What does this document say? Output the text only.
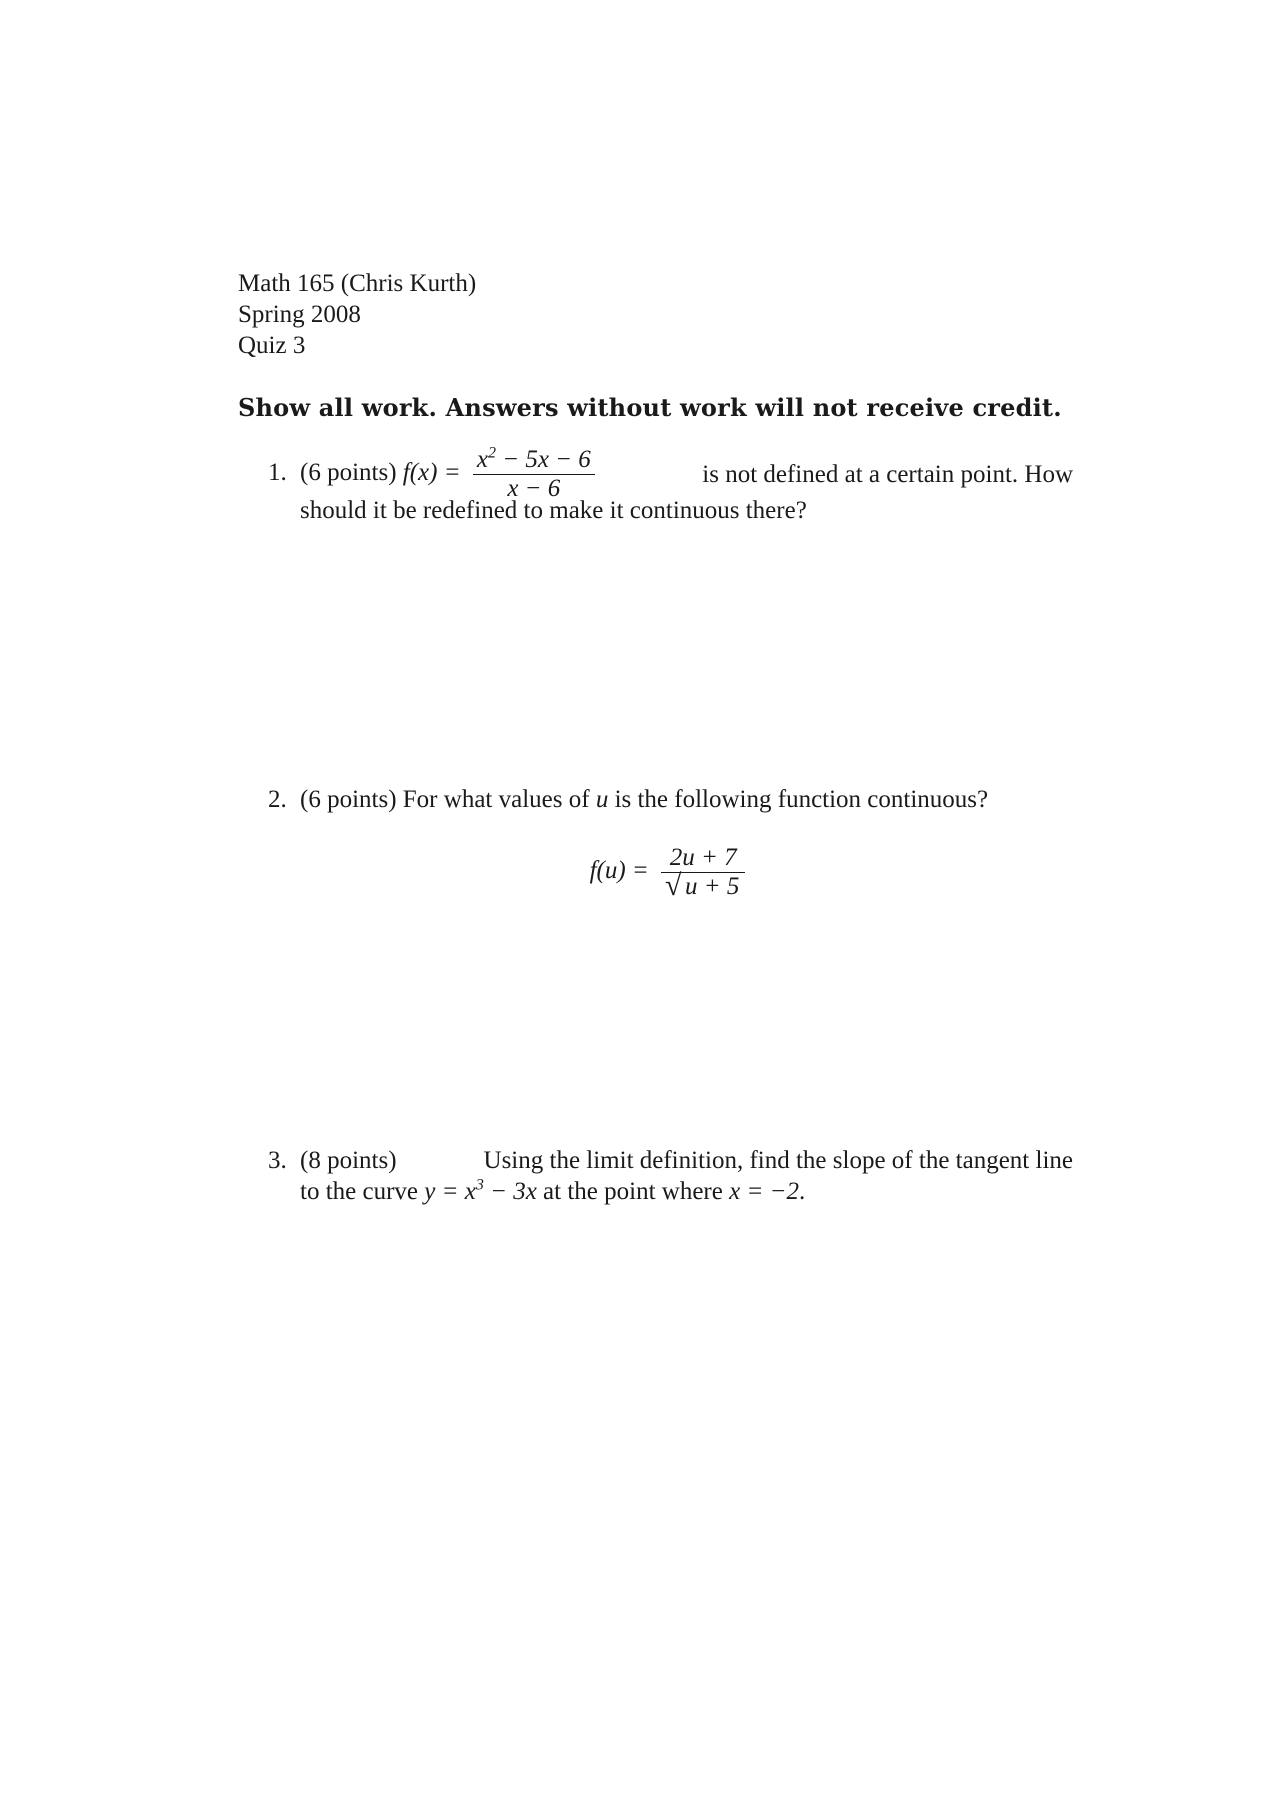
Math 165 (Chris Kurth)
Spring 2008
Quiz 3
Show all work. Answers without work will not receive credit.
1. (6 points) $f(x) = \frac{x^2 - 5x - 6}{x - 6}$	is not defined at a certain point. How
should it be redefined to make it continuous there?
2. (6 points) For what values of u is the following function continuous?
$f(u) = \frac{2u + 7}{√ u + 5}$
3. (8 points)	Using the limit definition, find the slope of the tangent line
to the curve $y = x^3 - 3x$ at the point where x = −2.
